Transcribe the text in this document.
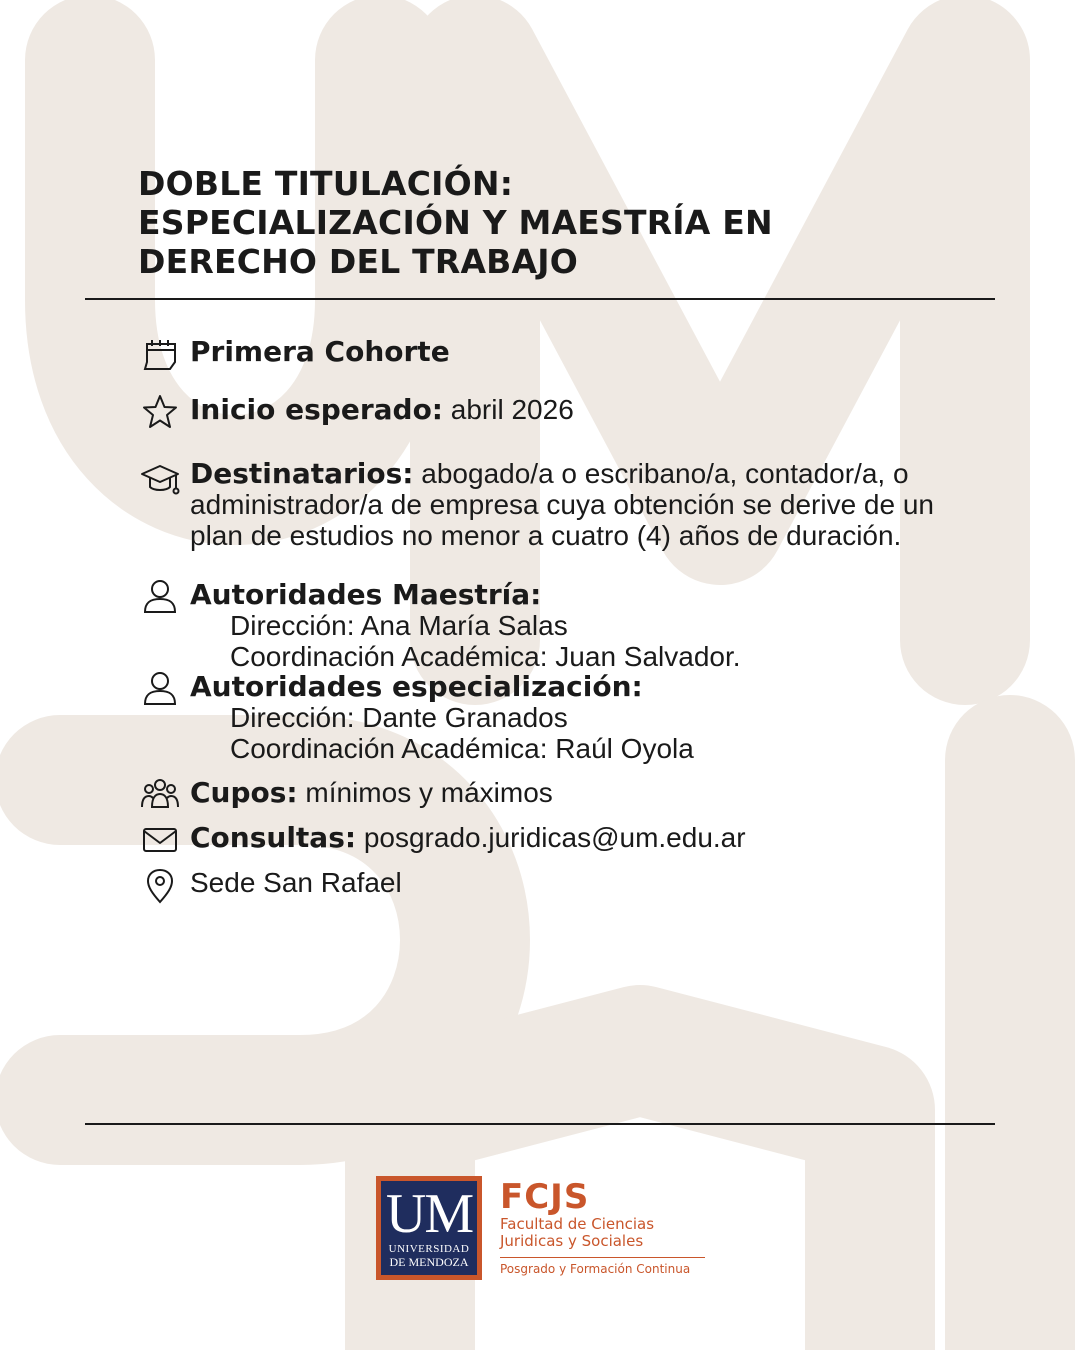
DOBLE TITULACIÓN:
ESPECIALIZACIÓN Y MAESTRÍA EN
DERECHO DEL TRABAJO
Primera Cohorte
Inicio esperado: abril 2026
Destinatarios: abogado/a o escribano/a, contador/a, o
administrador/a de empresa cuya obtención se derive de un
plan de estudios no menor a cuatro (4) años de duración.
Autoridades Maestría:
Dirección: Ana María Salas
Coordinación Académica: Juan Salvador.
Autoridades especialización:
Dirección: Dante Granados
Coordinación Académica: Raúl Oyola
Cupos: mínimos y máximos
Consultas: posgrado.juridicas@um.edu.ar
Sede San Rafael
UM
UNIVERSIDAD
DE MENDOZA
FCJS
Facultad de Ciencias
Juridicas y Sociales
Posgrado y Formación Continua
